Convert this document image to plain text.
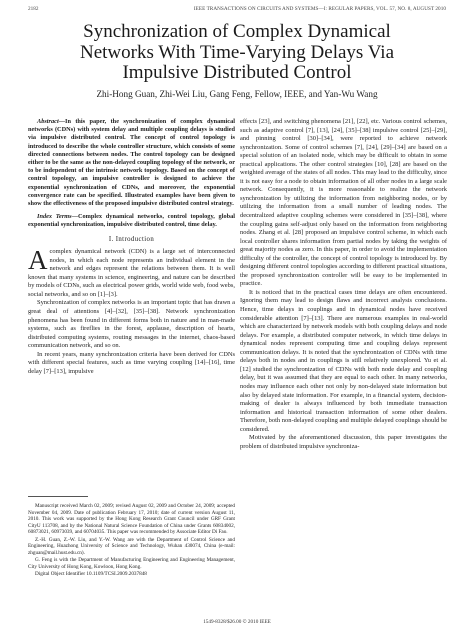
2182	IEEE TRANSACTIONS ON CIRCUITS AND SYSTEMS—I: REGULAR PAPERS, VOL. 57, NO. 8, AUGUST 2010
Synchronization of Complex Dynamical
Networks With Time-Varying Delays Via
Impulsive Distributed Control
Zhi-Hong Guan, Zhi-Wei Liu, Gang Feng, Fellow, IEEE, and Yan-Wu Wang

Abstract—In this paper, the synchronization of complex dynamical networks (CDNs) with system delay and multiple coupling delays is studied via impulsive distributed control. The concept of control topology is introduced to describe the whole controller structure, which consists of some directed connections between nodes. The control topology can be designed either to be the same as the non-delayed coupling topology of the network, or to be independent of the intrinsic network topology. Based on the concept of control topology, an impulsive controller is designed to achieve the exponential synchronization of CDNs, and moreover, the exponential convergence rate can be specified. Illustrated examples have been given to show the effectiveness of the proposed impulsive distributed control strategy.

Index Terms—Complex dynamical networks, control topology, global exponential synchronization, impulsive distributed control, time delay.

I. Introduction

Acomplex dynamical network (CDN) is a large set of interconnected nodes, in which each node represents an individual element in the network and edges represent the relations between them. It is well known that many systems in science, engineering, and nature can be described by models of CDNs, such as electrical power grids, world wide web, food webs, social networks, and so on [1]–[3].

Synchronization of complex networks is an important topic that has drawn a great deal of attentions [4]–[32], [35]–[38]. Network synchronization phenomena has been found in different forms both in nature and in man-made systems, such as fireflies in the forest, applause, description of hearts, distributed computing systems, routing messages in the internet, chaos-based communication network, and so on.

In recent years, many synchronization criteria have been derived for CDNs with different special features, such as time varying coupling [14]–[16], time delay [7]–[13], impulsive

Manuscript received March 02, 2009; revised August 02, 2009 and October 24, 2009; accepted November 04, 2009. Date of publication February 17, 2010; date of current version August 11, 2010. This work was supported by the Hong Kong Research Grant Council under GRF Grant CityU 113708, and by the National Natural Science Foundation of China under Grants 60834002, 60873021, 60973039, and 60704035. This paper was recommended by Associate Editor Di Fao.

Z.-H. Guan, Z.-W. Liu, and Y.-W. Wang are with the Department of Control Science and Engineering, Huazhong University of Science and Technology, Wuhan 430074, China (e-mail: zhguan@mail.hust.edu.cn).

G. Feng is with the Department of Manufacturing Engineering and Engineering Management, City University of Hong Kong, Kowloon, Hong Kong.

Digital Object Identifier 10.1109/TCSI.2009.2037848

effects [23], and switching phenomena [21], [22], etc. Various control schemes, such as adaptive control [7], [13], [24], [35]–[38] impulsive control [25]–[29], and pinning control [30]–[34], were reported to achieve network synchronization. Some of control schemes [7], [24], [29]–[34] are based on a special solution of an isolated node, which may be difficult to obtain in some practical applications. The other control strategies [10], [28] are based on the weighted average of the states of all nodes. This may lead to the difficulty, since it is not easy for a node to obtain information of all other nodes in a large scale network. Consequently, it is more reasonable to realize the network synchronization by utilizing the information from neighboring nodes, or by utilizing the information from a small number of leading nodes. The decentralized adaptive coupling schemes were considered in [35]–[38], where the coupling gains self-adjust only based on the information from neighboring nodes. Zhang et al. [28] proposed an impulsive control scheme, in which each local controller shares information from partial nodes by taking the weights of great majority nodes as zero. In this paper, in order to avoid the implementation difficulty of the controller, the concept of control topology is introduced by. By designing different control topologies according to different practical situations, the proposed synchronization controller will be easy to be implemented in practice.

It is noticed that in the practical cases time delays are often encountered. Ignoring them may lead to design flaws and incorrect analysis conclusions. Hence, time delays in couplings and in dynamical nodes have received considerable attention [7]–[13]. There are numerous examples in real-world which are characterized by network models with both coupling delays and node delays. For example, a distributed computer network, in which time delays in dynamical nodes represent computing time and coupling delays represent communication delays. It is noted that the synchronization of CDNs with time delays both in nodes and in couplings is still relatively unexplored. Yu et al. [12] studied the synchronization of CDNs with both node delay and coupling delay, but it was assumed that they are equal to each other. In many networks, nodes may influence each other not only by non-delayed state information but also by delayed state information. For example, in a financial system, decision-making of dealer is always influenced by both immediate transaction information and historical transaction information of some other dealers. Therefore, both non-delayed coupling and multiple delayed couplings should be considered.

Motivated by the aforementioned discussion, this paper investigates the problem of distributed impulsive synchroniza-

1549-8328/$26.00 © 2010 IEEE
